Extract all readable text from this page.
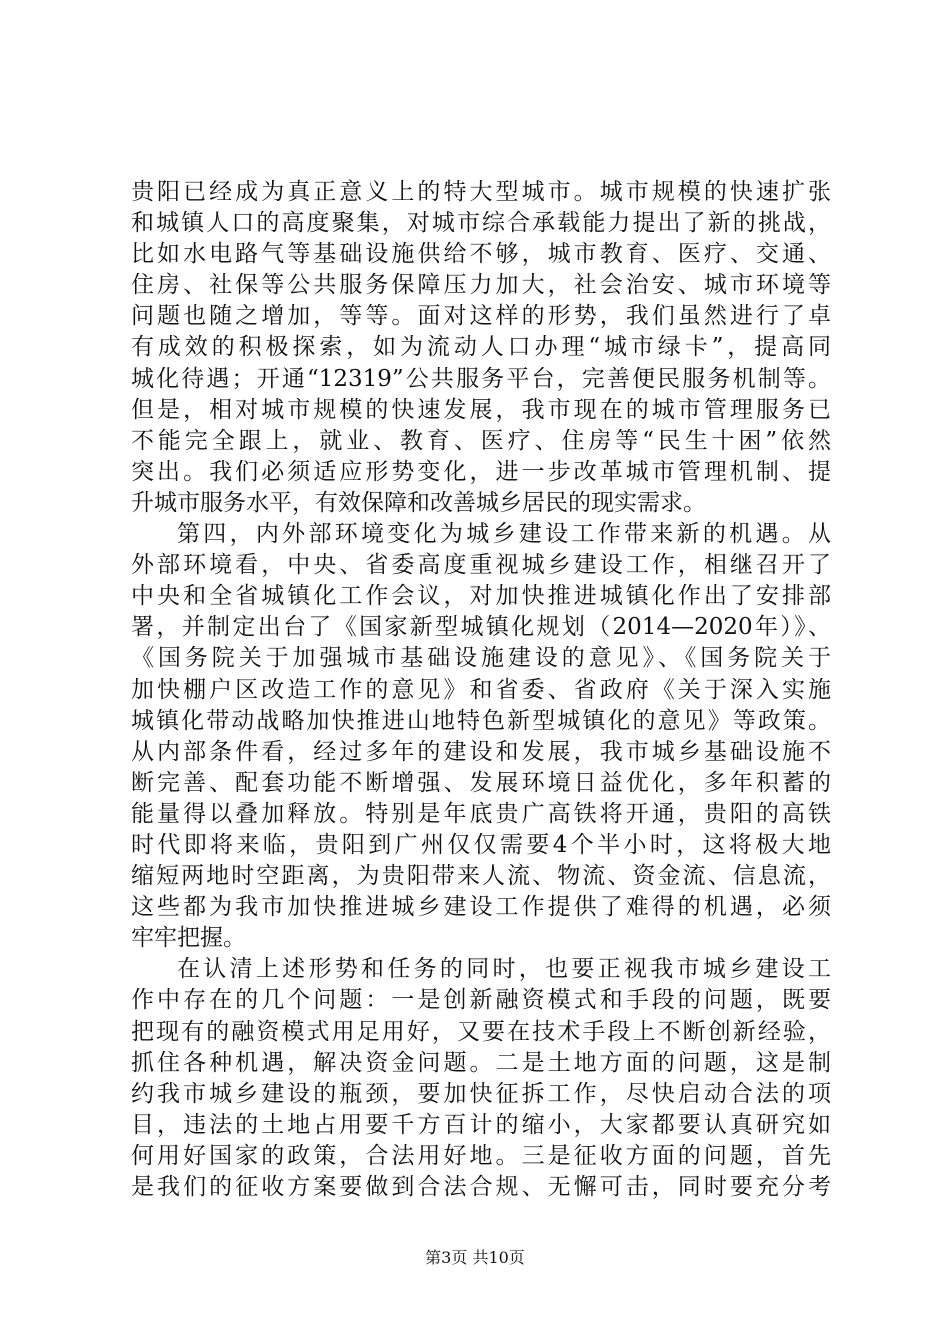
贵阳已经成为真正意义上的特大型城市。城市规模的快速扩张
和城镇人口的高度聚集，对城市综合承载能力提出了新的挑战，
比如水电路气等基础设施供给不够，城市教育、医疗、交通、
住房、社保等公共服务保障压力加大，社会治安、城市环境等
问题也随之增加，等等。面对这样的形势，我们虽然进行了卓
有成效的积极探索，如为流动人口办理“城市绿卡”，提高同
城化待遇；开通“12319”公共服务平台，完善便民服务机制等。
但是，相对城市规模的快速发展，我市现在的城市管理服务已
不能完全跟上，就业、教育、医疗、住房等“民生十困”依然
突出。我们必须适应形势变化，进一步改革城市管理机制、提
升城市服务水平，有效保障和改善城乡居民的现实需求。
第四，内外部环境变化为城乡建设工作带来新的机遇。从
外部环境看，中央、省委高度重视城乡建设工作，相继召开了
中央和全省城镇化工作会议，对加快推进城镇化作出了安排部
署，并制定出台了《国家新型城镇化规划（2014—2020年）》、
《国务院关于加强城市基础设施建设的意见》、《国务院关于
加快棚户区改造工作的意见》和省委、省政府《关于深入实施
城镇化带动战略加快推进山地特色新型城镇化的意见》等政策。
从内部条件看，经过多年的建设和发展，我市城乡基础设施不
断完善、配套功能不断增强、发展环境日益优化，多年积蓄的
能量得以叠加释放。特别是年底贵广高铁将开通，贵阳的高铁
时代即将来临，贵阳到广州仅仅需要4个半小时，这将极大地
缩短两地时空距离，为贵阳带来人流、物流、资金流、信息流，
这些都为我市加快推进城乡建设工作提供了难得的机遇，必须
牢牢把握。
在认清上述形势和任务的同时，也要正视我市城乡建设工
作中存在的几个问题：一是创新融资模式和手段的问题，既要
把现有的融资模式用足用好，又要在技术手段上不断创新经验，
抓住各种机遇，解决资金问题。二是土地方面的问题，这是制
约我市城乡建设的瓶颈，要加快征拆工作，尽快启动合法的项
目，违法的土地占用要千方百计的缩小，大家都要认真研究如
何用好国家的政策，合法用好地。三是征收方面的问题，首先
是我们的征收方案要做到合法合规、无懈可击，同时要充分考
第3页 共10页
